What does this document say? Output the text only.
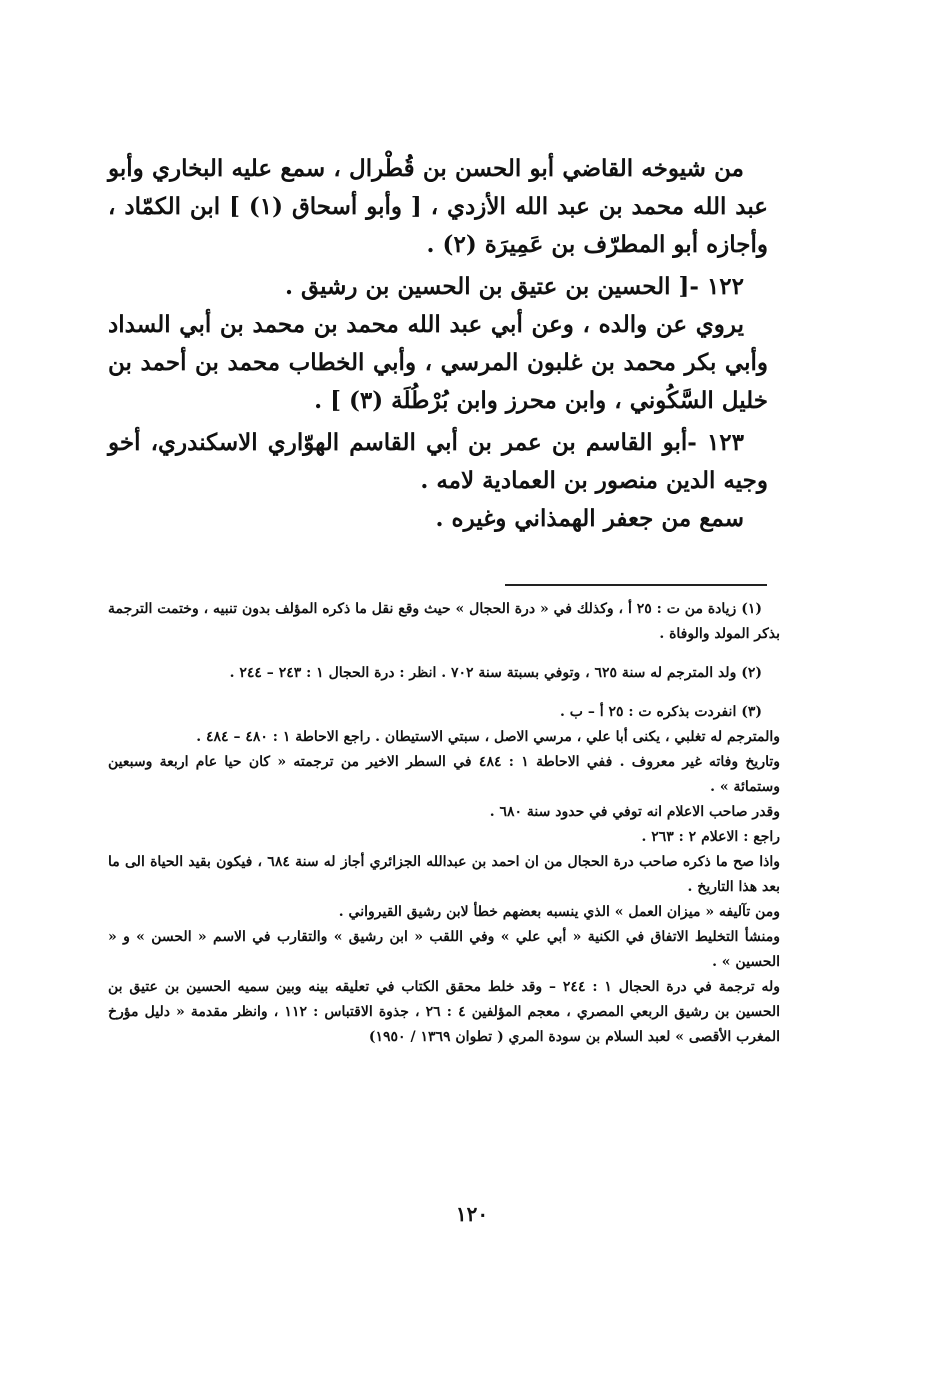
من شيوخه القاضي أبو الحسن بن قُطْرال ، سمع عليه البخاري وأبو عبد الله محمد بن عبد الله الأزدي ، [ وأبو أسحاق (١) ] ابن الكمّاد ، وأجازه أبو المطرّف بن عَمِيرَة (٢) .

١٢٢ -[ الحسين بن عتيق بن الحسين بن رشيق .

يروي عن والده ، وعن أبي عبد الله محمد بن محمد بن أبي السداد وأبي بكر محمد بن غلبون المرسي ، وأبي الخطاب محمد بن أحمد بن خليل السَّكُوني ، وابن محرز وابن بُرْطُلَة (٣) ] .

١٢٣ -أبو القاسم بن عمر بن أبي القاسم الهوّاري الاسكندري، أخو وجيه الدين منصور بن العمادية لامه .

سمع من جعفر الهمذاني وغيره .

(١) زيادة من ت : ٢٥ أ ، وكذلك في « درة الحجال » حيث وقع نقل ما ذكره المؤلف بدون تنبيه ، وختمت الترجمة بذكر المولد والوفاة .

(٢) ولد المترجم له سنة ٦٢٥ ، وتوفي بسبتة سنة ٧٠٢ . انظر : درة الحجال ١ : ٢٤٣ – ٢٤٤ .

(٣) انفردت بذكره ت : ٢٥ أ – ب .

والمترجم له تغلبي ، يكنى أبا علي ، مرسي الاصل ، سبتي الاستيطان . راجع الاحاطة ١ : ٤٨٠ – ٤٨٤ .

وتاريخ وفاته غير معروف . ففي الاحاطة ١ : ٤٨٤ في السطر الاخير من ترجمته « كان حيا عام اربعة وسبعين وستمائة » .

وقدر صاحب الاعلام انه توفي في حدود سنة ٦٨٠ .

راجع : الاعلام ٢ : ٢٦٣ .

واذا صح ما ذكره صاحب درة الحجال من ان احمد بن عبدالله الجزائري أجاز له سنة ٦٨٤ ، فيكون بقيد الحياة الى ما بعد هذا التاريخ .

ومن تآليفه « ميزان العمل » الذي ينسبه بعضهم خطأ لابن رشيق القيرواني .

ومنشأ التخليط الاتفاق في الكنية « أبي علي » وفي اللقب « ابن رشيق » والتقارب في الاسم « الحسن » و « الحسين » .

وله ترجمة في درة الحجال ١ : ٢٤٤ – وقد خلط محقق الكتاب في تعليقه بينه وبين سميه الحسين بن عتيق بن الحسين بن رشيق الربعي المصري ، معجم المؤلفين ٤ : ٢٦ ، جذوة الاقتباس : ١١٢ ، وانظر مقدمة « دليل مؤرخ المغرب الأقصى » لعبد السلام بن سودة المري ( تطوان ١٣٦٩ / ١٩٥٠)

١٢٠
